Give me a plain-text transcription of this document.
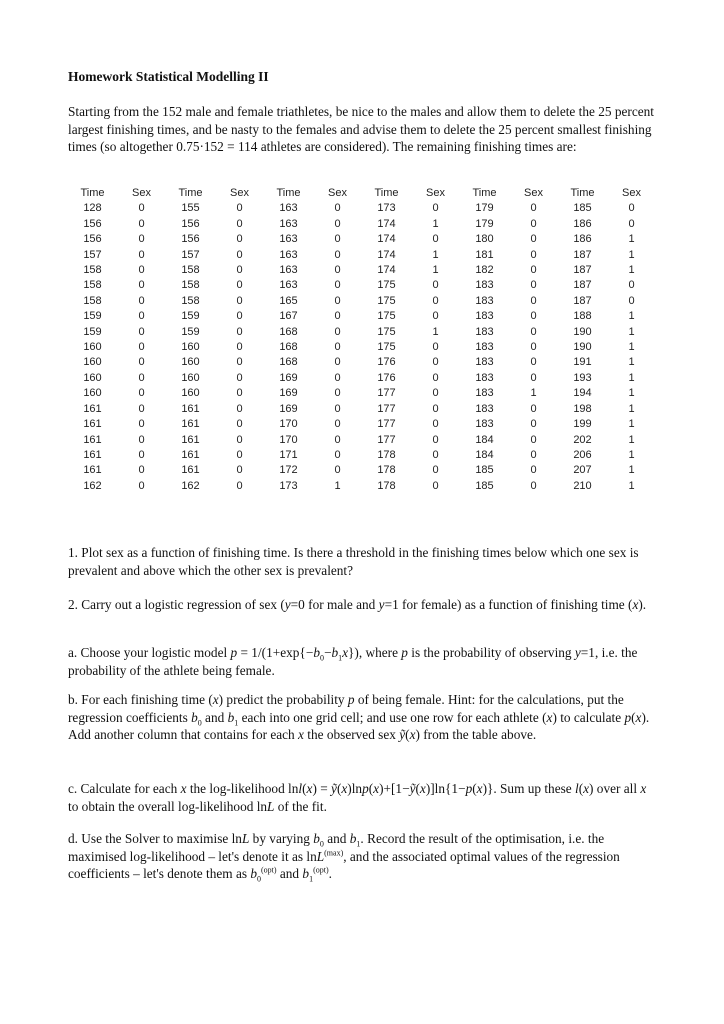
Homework Statistical Modelling II
Starting from the 152 male and female triathletes, be nice to the males and allow them to delete the 25 percent largest finishing times, and be nasty to the females and advise them to delete the 25 percent smallest finishing times (so altogether 0.75·152 = 114 athletes are considered). The remaining finishing times are:
Time	Sex	Time	Sex	Time	Sex	Time	Sex	Time	Sex	Time	Sex
128	0	155	0	163	0	173	0	179	0	185	0
156	0	156	0	163	0	174	1	179	0	186	0
156	0	156	0	163	0	174	0	180	0	186	1
157	0	157	0	163	0	174	1	181	0	187	1
158	0	158	0	163	0	174	1	182	0	187	1
158	0	158	0	163	0	175	0	183	0	187	0
158	0	158	0	165	0	175	0	183	0	187	0
159	0	159	0	167	0	175	0	183	0	188	1
159	0	159	0	168	0	175	1	183	0	190	1
160	0	160	0	168	0	175	0	183	0	190	1
160	0	160	0	168	0	176	0	183	0	191	1
160	0	160	0	169	0	176	0	183	0	193	1
160	0	160	0	169	0	177	0	183	1	194	1
161	0	161	0	169	0	177	0	183	0	198	1
161	0	161	0	170	0	177	0	183	0	199	1
161	0	161	0	170	0	177	0	184	0	202	1
161	0	161	0	171	0	178	0	184	0	206	1
161	0	161	0	172	0	178	0	185	0	207	1
162	0	162	0	173	1	178	0	185	0	210	1
1. Plot sex as a function of finishing time. Is there a threshold in the finishing times below which one sex is prevalent and above which the other sex is prevalent?
2. Carry out a logistic regression of sex (y=0 for male and y=1 for female) as a function of finishing time (x).
a. Choose your logistic model $p = 1/(1+\exp\{-b_0-b_1x\})$, where p is the probability of observing y=1, i.e. the probability of the athlete being female.
b. For each finishing time (x) predict the probability p of being female. Hint: for the calculations, put the regression coefficients $b_0$ and $b_1$ each into one grid cell; and use one row for each athlete (x) to calculate p(x). Add another column that contains for each x the observed sex ỹ(x) from the table above.
c. Calculate for each x the log-likelihood lnl(x) = ỹ(x)lnp(x)+[1−ỹ(x)]ln{1−p(x)}. Sum up these l(x) over all x to obtain the overall log-likelihood lnL of the fit.
d. Use the Solver to maximise lnL by varying $b_0$ and $b_1$. Record the result of the optimisation, i.e. the maximised log-likelihood – let's denote it as lnL$^{(max)}$, and the associated optimal values of the regression coefficients – let's denote them as $b_0^{(opt)}$ and $b_1^{(opt)}$.
